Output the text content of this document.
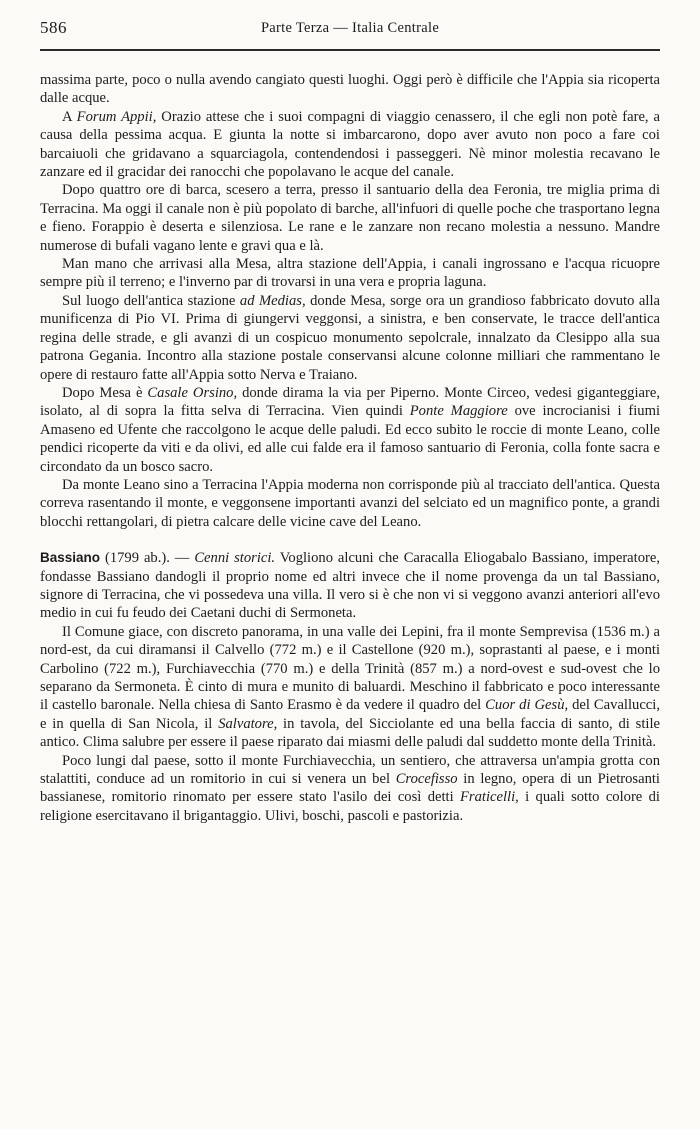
586	Parte Terza — Italia Centrale

massima parte, poco o nulla avendo cangiato questi luoghi. Oggi però è difficile che l'Appia sia ricoperta dalle acque.

A Forum Appii, Orazio attese che i suoi compagni di viaggio cenassero, il che egli non potè fare, a causa della pessima acqua. E giunta la notte si imbarcarono, dopo aver avuto non poco a fare coi barcaiuoli che gridavano a squarciagola, contendendosi i passeggeri. Nè minor molestia recavano le zanzare ed il gracidar dei ranocchi che popolavano le acque del canale.

Dopo quattro ore di barca, scesero a terra, presso il santuario della dea Feronia, tre miglia prima di Terracina. Ma oggi il canale non è più popolato di barche, all'infuori di quelle poche che trasportano legna e fieno. Forappio è deserta e silenziosa. Le rane e le zanzare non recano molestia a nessuno. Mandre numerose di bufali vagano lente e gravi qua e là.

Man mano che arrivasi alla Mesa, altra stazione dell'Appia, i canali ingrossano e l'acqua ricuopre sempre più il terreno; e l'inverno par di trovarsi in una vera e propria laguna.

Sul luogo dell'antica stazione ad Medias, donde Mesa, sorge ora un grandioso fabbricato dovuto alla munificenza di Pio VI. Prima di giungervi veggonsi, a sinistra, e ben conservate, le tracce dell'antica regina delle strade, e gli avanzi di un cospicuo monumento sepolcrale, innalzato da Clesippo alla sua patrona Gegania. Incontro alla stazione postale conservansi alcune colonne milliari che rammentano le opere di restauro fatte all'Appia sotto Nerva e Traiano.

Dopo Mesa è Casale Orsino, donde dirama la via per Piperno. Monte Circeo, vedesi giganteggiare, isolato, al di sopra la fitta selva di Terracina. Vien quindi Ponte Maggiore ove incrocianisi i fiumi Amaseno ed Ufente che raccolgono le acque delle paludi. Ed ecco subito le roccie di monte Leano, colle pendici ricoperte da viti e da olivi, ed alle cui falde era il famoso santuario di Feronia, colla fonte sacra e circondato da un bosco sacro.

Da monte Leano sino a Terracina l'Appia moderna non corrisponde più al tracciato dell'antica. Questa correva rasentando il monte, e veggonsene importanti avanzi del selciato ed un magnifico ponte, a grandi blocchi rettangolari, di pietra calcare delle vicine cave del Leano.

Bassiano (1799 ab.). — Cenni storici. Vogliono alcuni che Caracalla Eliogabalo Bassiano, imperatore, fondasse Bassiano dandogli il proprio nome ed altri invece che il nome provenga da un tal Bassiano, signore di Terracina, che vi possedeva una villa. Il vero si è che non vi si veggono avanzi anteriori all'evo medio in cui fu feudo dei Caetani duchi di Sermoneta.

Il Comune giace, con discreto panorama, in una valle dei Lepini, fra il monte Semprevisa (1536 m.) a nord-est, da cui diramansi il Calvello (772 m.) e il Castellone (920 m.), soprastanti al paese, e i monti Carbolino (722 m.), Furchiavecchia (770 m.) e della Trinità (857 m.) a nord-ovest e sud-ovest che lo separano da Sermoneta. È cinto di mura e munito di baluardi. Meschino il fabbricato e poco interessante il castello baronale. Nella chiesa di Santo Erasmo è da vedere il quadro del Cuor di Gesù, del Cavallucci, e in quella di San Nicola, il Salvatore, in tavola, del Sicciolante ed una bella faccia di santo, di stile antico. Clima salubre per essere il paese riparato dai miasmi delle paludi dal suddetto monte della Trinità.

Poco lungi dal paese, sotto il monte Furchiavecchia, un sentiero, che attraversa un'ampia grotta con stalattiti, conduce ad un romitorio in cui si venera un bel Crocefisso in legno, opera di un Pietrosanti bassianese, romitorio rinomato per essere stato l'asilo dei così detti Fraticelli, i quali sotto colore di religione esercitavano il brigantaggio. Ulivi, boschi, pascoli e pastorizia.
